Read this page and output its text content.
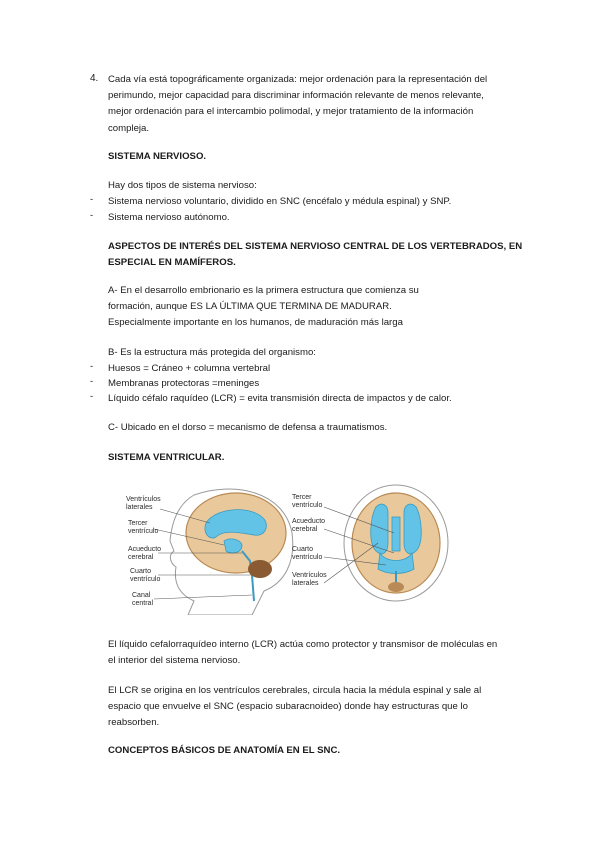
4. Cada vía está topográficamente organizada: mejor ordenación para la representación del
perimundo, mejor capacidad para discriminar información relevante de menos relevante,
mejor ordenación para el intercambio polimodal, y mejor tratamiento de la información
compleja.
SISTEMA NERVIOSO.
Hay dos tipos de sistema nervioso:
- Sistema nervioso voluntario, dividido en SNC (encéfalo y médula espinal) y SNP.
- Sistema nervioso autónomo.
ASPECTOS DE INTERÉS DEL SISTEMA NERVIOSO CENTRAL DE LOS VERTEBRADOS, EN
ESPECIAL EN MAMÍFEROS.
A- En el desarrollo embrionario es la primera estructura que comienza su
formación, aunque ES LA ÚLTIMA QUE TERMINA DE MADURAR.
Especialmente importante en los humanos, de maduración más larga
B- Es la estructura más protegida del organismo:
- Huesos = Cráneo + columna vertebral
- Membranas protectoras =meninges
- Líquido céfalo raquídeo (LCR) = evita transmisión directa de impactos y de calor.
C- Ubicado en el dorso = mecanismo de defensa a traumatismos.
SISTEMA VENTRICULAR.
Ventrículos
laterales
Tercer
ventrículo
Acueducto
cerebral
Cuarto
ventrículo
Canal
central
Tercer
ventrículo
Acueducto
cerebral
Cuarto
ventrículo
Ventrículos
laterales
El líquido cefalorraquídeo interno (LCR) actúa como protector y transmisor de moléculas en
el interior del sistema nervioso.
El LCR se origina en los ventrículos cerebrales, circula hacia la médula espinal y sale al
espacio que envuelve el SNC (espacio subaracnoideo) donde hay estructuras que lo
reabsorben.
CONCEPTOS BÁSICOS DE ANATOMÍA EN EL SNC.
